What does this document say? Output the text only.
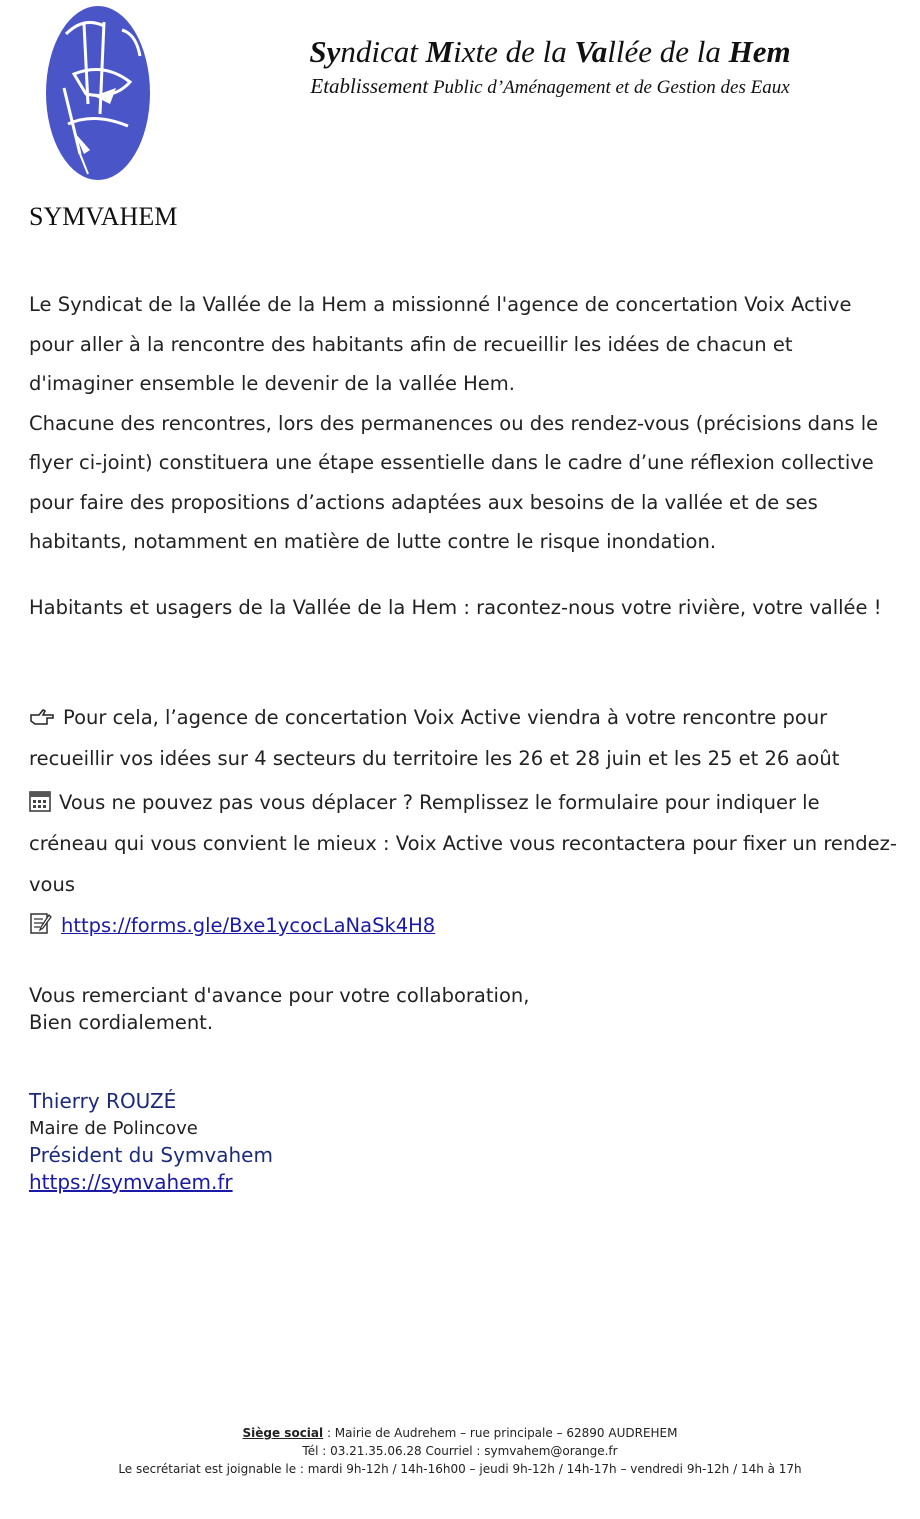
Syndicat Mixte de la Vallée de la Hem
Etablissement Public d’Aménagement et de Gestion des Eaux
SYMVAHEM
Le Syndicat de la Vallée de la Hem a missionné l'agence de concertation Voix Active pour aller à la rencontre des habitants afin de recueillir les idées de chacun et d'imaginer ensemble le devenir de la vallée Hem.
Chacune des rencontres, lors des permanences ou des rendez-vous (précisions dans le flyer ci-joint) constituera une étape essentielle dans le cadre d’une réflexion collective pour faire des propositions d’actions adaptées aux besoins de la vallée et de ses habitants, notamment en matière de lutte contre le risque inondation.

Habitants et usagers de la Vallée de la Hem : racontez-nous votre rivière, votre vallée !

Pour cela, l’agence de concertation Voix Active viendra à votre rencontre pour recueillir vos idées sur 4 secteurs du territoire les 26 et 28 juin et les 25 et 26 août

Vous ne pouvez pas vous déplacer ? Remplissez le formulaire pour indiquer le créneau qui vous convient le mieux : Voix Active vous recontactera pour fixer un rendez-vous

https://forms.gle/Bxe1ycocLaNaSk4H8

Vous remerciant d'avance pour votre collaboration,
Bien cordialement.
Thierry ROUZÉ
Maire de Polincove
Président du Symvahem
https://symvahem.fr
Siège social : Mairie de Audrehem – rue principale – 62890 AUDREHEM
Tél : 03.21.35.06.28 Courriel : symvahem@orange.fr
Le secrétariat est joignable le : mardi 9h-12h / 14h-16h00 – jeudi 9h-12h / 14h-17h – vendredi 9h-12h / 14h à 17h
